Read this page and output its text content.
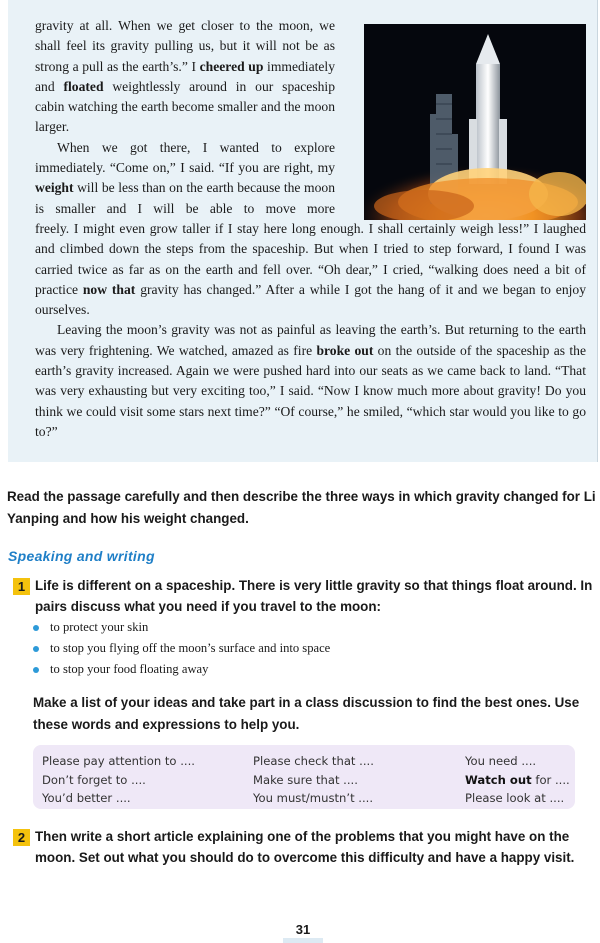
gravity at all. When we get closer to the moon, we shall feel its gravity pulling us, but it will not be as strong a pull as the earth’s.” I cheered up immediately and floated weightlessly around in our spaceship cabin watching the earth become smaller and the moon larger.

When we got there, I wanted to explore immediately. “Come on,” I said. “If you are right, my weight will be less than on the earth because the moon is smaller and I will be able to move more

freely. I might even grow taller if I stay here long enough. I shall certainly weigh less!” I laughed and climbed down the steps from the spaceship. But when I tried to step forward, I found I was carried twice as far as on the earth and fell over. “Oh dear,” I cried, “walking does need a bit of practice now that gravity has changed.” After a while I got the hang of it and we began to enjoy ourselves.

Leaving the moon’s gravity was not as painful as leaving the earth’s. But returning to the earth was very frightening. We watched, amazed as fire broke out on the outside of the spaceship as the earth’s gravity increased. Again we were pushed hard into our seats as we came back to land. “That was very exhausting but very exciting too,” I said. “Now I know much more about gravity! Do you think we could visit some stars next time?” “Of course,” he smiled, “which star would you like to go to?”

Read the passage carefully and then describe the three ways in which gravity changed for Li Yanping and how his weight changed.
Speaking and writing
1 Life is different on a spaceship. There is very little gravity so that things float around. In pairs discuss what you need if you travel to the moon:
to protect your skin
to stop you flying off the moon’s surface and into space
to stop your food floating away
Make a list of your ideas and take part in a class discussion to find the best ones. Use these words and expressions to help you.
Please pay attention to ....
Don’t forget to ....
You’d better ....
Please check that ....
Make sure that ....
You must/mustn’t ....
You need ....
Watch out for ....
Please look at ....
2 Then write a short article explaining one of the problems that you might have on the moon. Set out what you should do to overcome this difficulty and have a happy visit.
31
